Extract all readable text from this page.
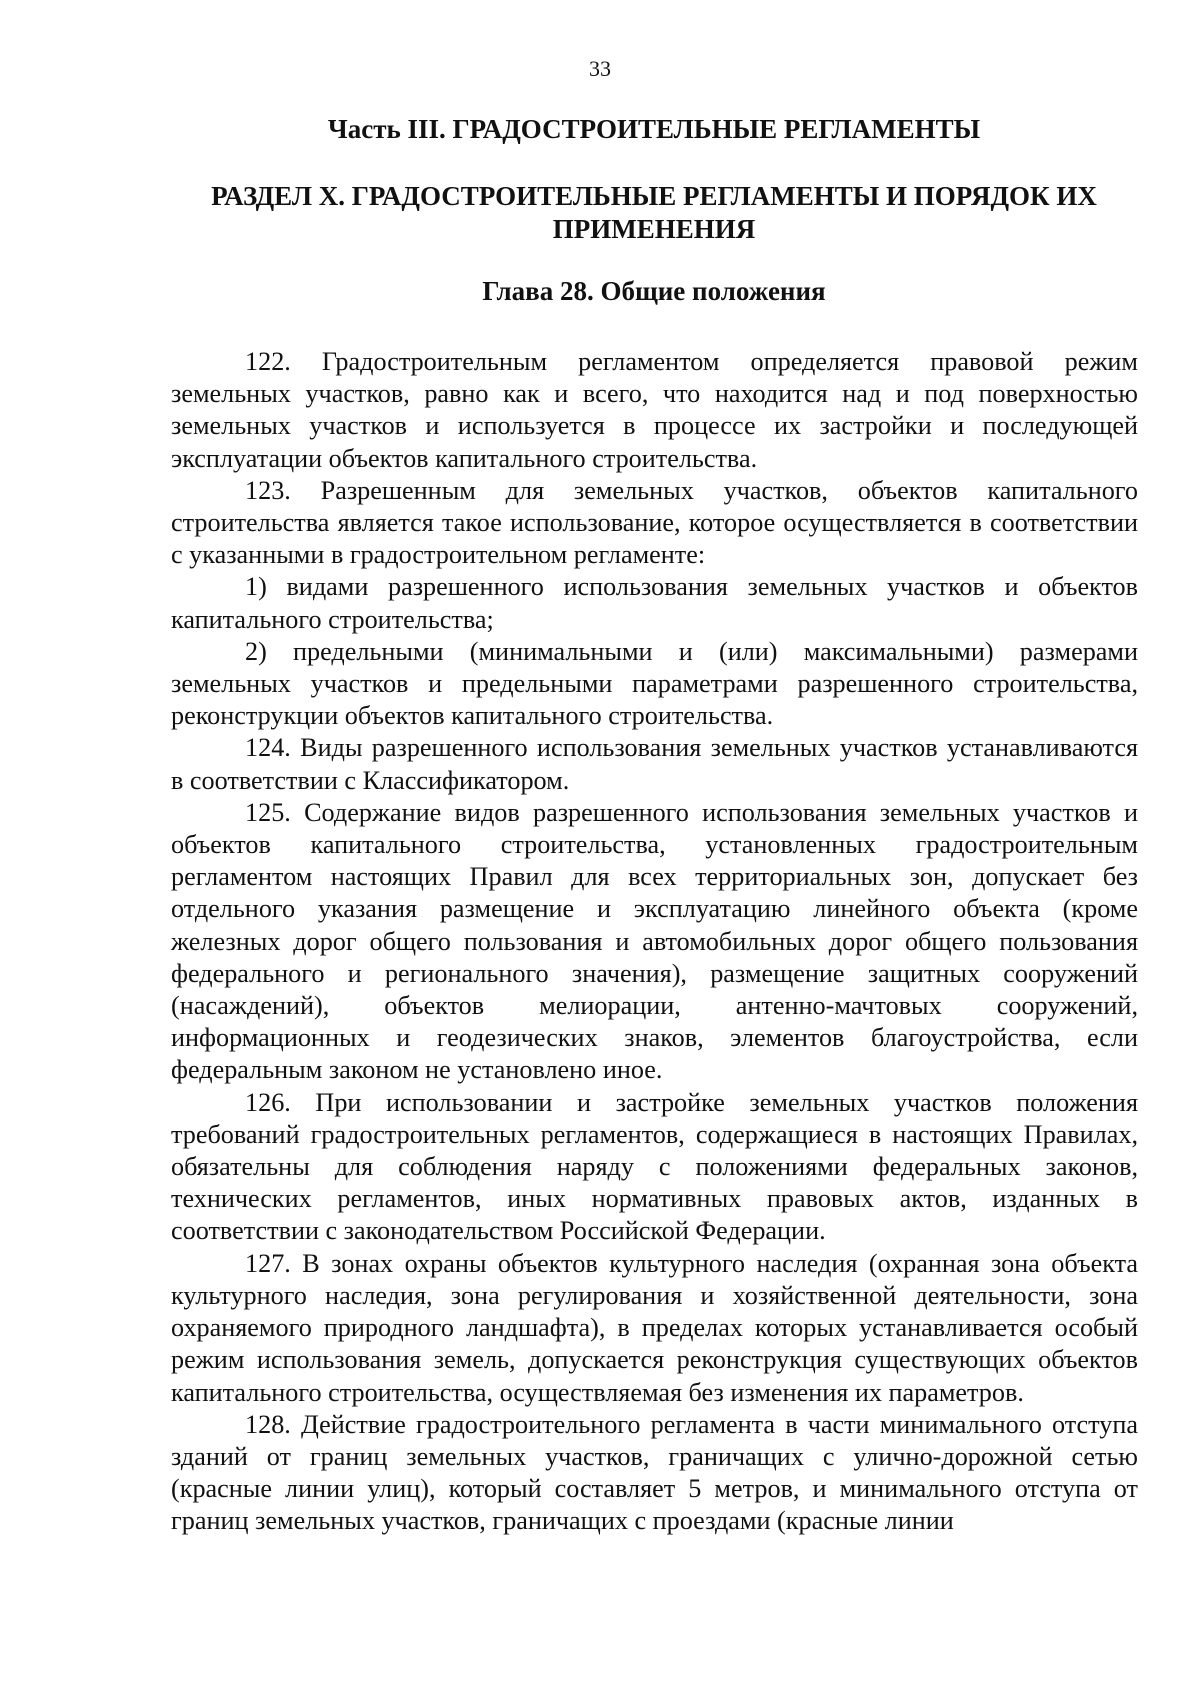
33
Часть III. ГРАДОСТРОИТЕЛЬНЫЕ РЕГЛАМЕНТЫ
РАЗДЕЛ X. ГРАДОСТРОИТЕЛЬНЫЕ РЕГЛАМЕНТЫ И ПОРЯДОК ИХ ПРИМЕНЕНИЯ
Глава 28. Общие положения

122. Градостроительным регламентом определяется правовой режим земельных участков, равно как и всего, что находится над и под поверхностью земельных участков и используется в процессе их застройки и последующей эксплуатации объектов капитального строительства.

123. Разрешенным для земельных участков, объектов капитального строительства является такое использование, которое осуществляется в соответствии с указанными в градостроительном регламенте:

1) видами разрешенного использования земельных участков и объектов капитального строительства;

2) предельными (минимальными и (или) максимальными) размерами земельных участков и предельными параметрами разрешенного строительства, реконструкции объектов капитального строительства.

124. Виды разрешенного использования земельных участков устанавливаются в соответствии с Классификатором.

125. Содержание видов разрешенного использования земельных участков и объектов капитального строительства, установленных градостроительным регламентом настоящих Правил для всех территориальных зон, допускает без отдельного указания размещение и эксплуатацию линейного объекта (кроме железных дорог общего пользования и автомобильных дорог общего пользования федерального и регионального значения), размещение защитных сооружений (насаждений), объектов мелиорации, антенно-мачтовых сооружений, информационных и геодезических знаков, элементов благоустройства, если федеральным законом не установлено иное.

126. При использовании и застройке земельных участков положения требований градостроительных регламентов, содержащиеся в настоящих Правилах, обязательны для соблюдения наряду с положениями федеральных законов, технических регламентов, иных нормативных правовых актов, изданных в соответствии с законодательством Российской Федерации.

127. В зонах охраны объектов культурного наследия (охранная зона объекта культурного наследия, зона регулирования и хозяйственной деятельности, зона охраняемого природного ландшафта), в пределах которых устанавливается особый режим использования земель, допускается реконструкция существующих объектов капитального строительства, осуществляемая без изменения их параметров.

128. Действие градостроительного регламента в части минимального отступа зданий от границ земельных участков, граничащих с улично-дорожной сетью (красные линии улиц), который составляет 5 метров, и минимального отступа от границ земельных участков, граничащих с проездами (красные линии
